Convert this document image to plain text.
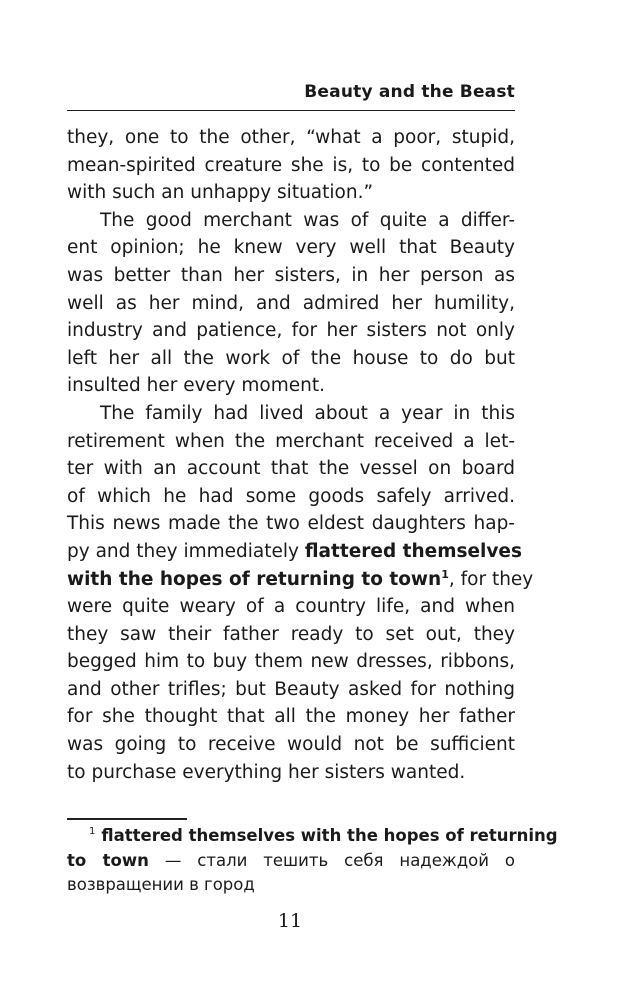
Beauty and the Beast
they, one to the other, “what a poor, stupid,
mean-spirited creature she is, to be contented
with such an unhappy situation.”
The good merchant was of quite a differ-
ent opinion; he knew very well that Beauty
was better than her sisters, in her person as
well as her mind, and admired her humility,
industry and patience, for her sisters not only
left her all the work of the house to do but
insulted her every moment.
The family had lived about a year in this
retirement when the merchant received a let-
ter with an account that the vessel on board
of which he had some goods safely arrived.
This news made the two eldest daughters hap-
py and they immediately flattered themselves
with the hopes of returning to town$^1$, for they
were quite weary of a country life, and when
they saw their father ready to set out, they
begged him to buy them new dresses, ribbons,
and other trifles; but Beauty asked for nothing
for she thought that all the money her father
was going to receive would not be sufficient
to purchase everything her sisters wanted.
$^1$ flattered themselves with the hopes of returning
to town — стали тешить себя надеждой о
возвращении в город
11
